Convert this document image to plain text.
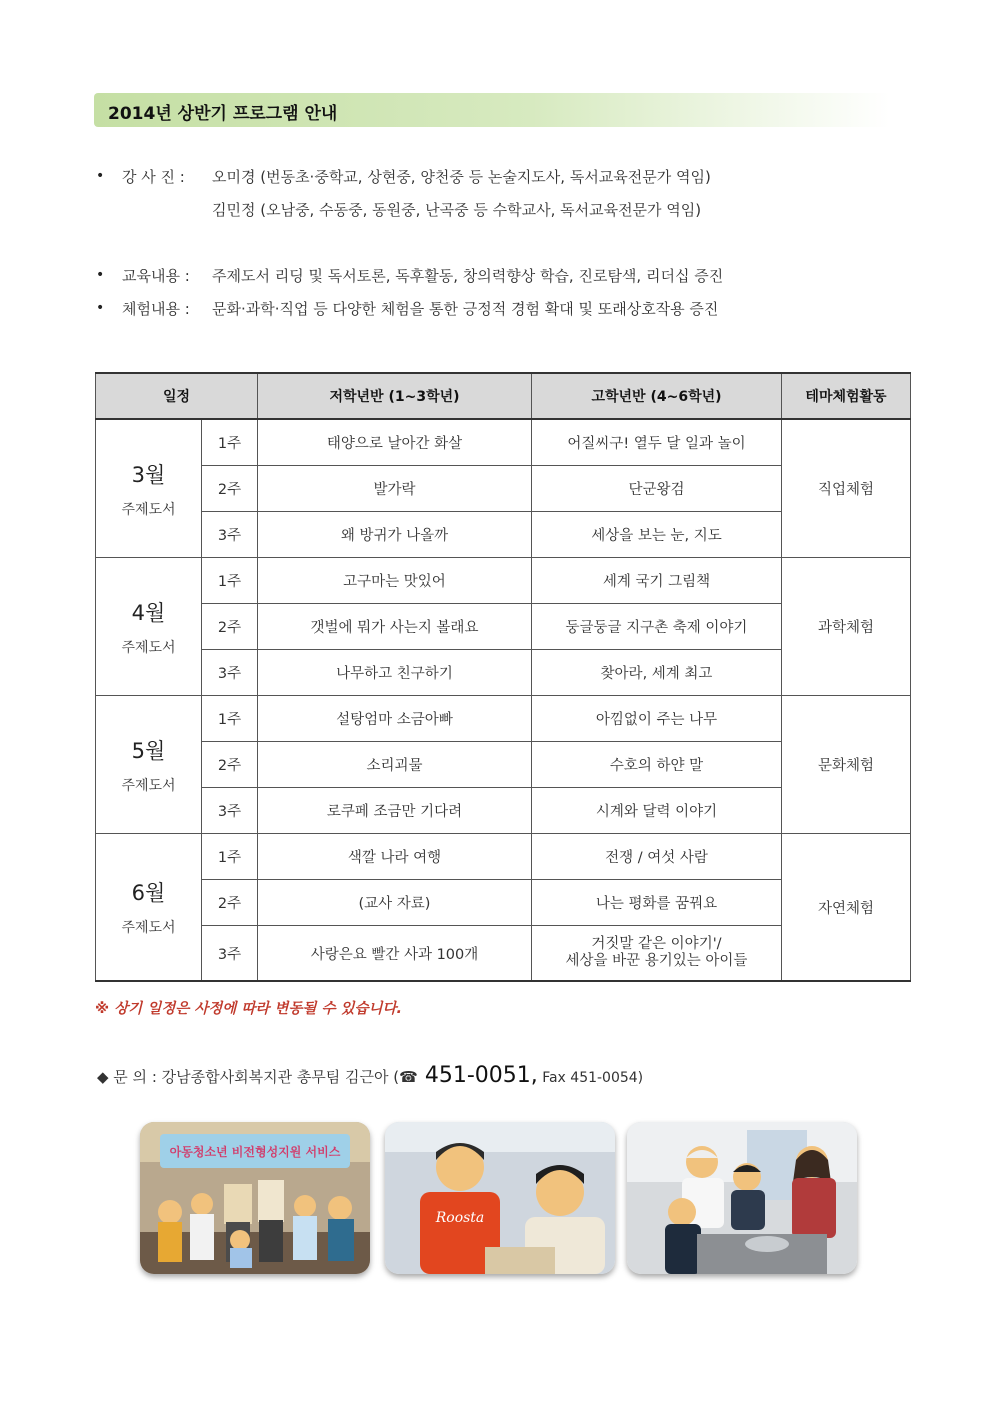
2014년 상반기 프로그램 안내
• 강 사 진 : 오미경 (번동초·중학교, 상현중, 양천중 등 논술지도사, 독서교육전문가 역임)
김민정 (오남중, 수동중, 동원중, 난곡중 등 수학교사, 독서교육전문가 역임)
• 교육내용 : 주제도서 리딩 및 독서토론, 독후활동, 창의력향상 학습, 진로탐색, 리더십 증진
• 체험내용 : 문화·과학·직업 등 다양한 체험을 통한 긍정적 경험 확대 및 또래상호작용 증진
일정		저학년반 (1~3학년)	고학년반 (4~6학년)	테마체험활동

3월
주제도서	1주	태양으로 날아간 화살	어질씨구! 열두 달 일과 놀이	직업체험
	2주	발가락	단군왕검	
	3주	왜 방귀가 나올까	세상을 보는 눈, 지도	

4월
주제도서	1주	고구마는 맛있어	세계 국기 그림책	과학체험
	2주	갯벌에 뭐가 사는지 볼래요	둥글둥글 지구촌 축제 이야기	
	3주	나무하고 친구하기	찾아라, 세계 최고	

5월
주제도서	1주	설탕엄마 소금아빠	아낌없이 주는 나무	문화체험
	2주	소리괴물	수호의 하얀 말	
	3주	로쿠페 조금만 기다려	시계와 달력 이야기	

6월
주제도서	1주	색깔 나라 여행	전쟁 / 여섯 사람	자연체험
	2주	(교사 자료)	나는 평화를 꿈꿔요	
	3주	사랑은요 빨간 사과 100개	거짓말 같은 이야기'/
세상을 바꾼 용기있는 아이들	
※ 상기 일정은 사정에 따라 변동될 수 있습니다.
◆ 문 의 : 강남종합사회복지관 총무팀 김근아 (☎ 451-0051, Fax 451-0054)
아동청소년 비전형성지원 서비스
Roosta
